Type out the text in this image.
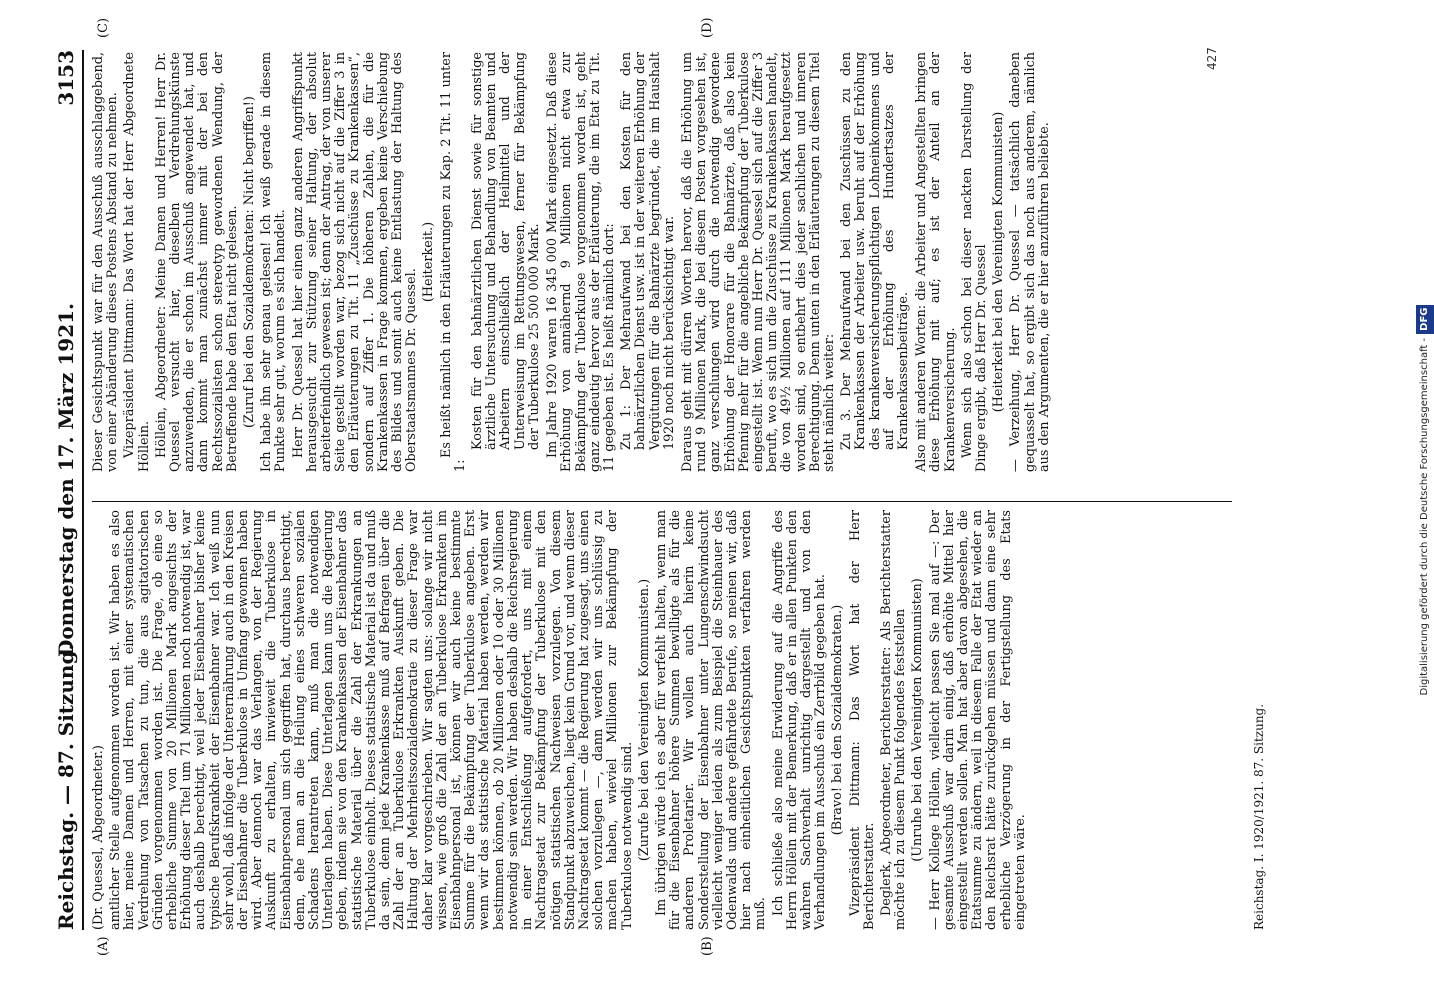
Reichstag. — 87. Sitzung.
Donnerstag den 17. März 1921.
3153
(A)	(B)
(C)	(D)

(Dr. Quessel, Abgeordneter.) amtlicher Stelle aufgenommen worden ist. Wir haben es also hier, meine Damen und Herren, mit einer systematischen Verdrehung von Tatsachen zu tun, die aus agitatorischen Gründen vorgenommen worden ist. Die Frage, ob eine so erhebliche Summe von 20 Millionen Mark angesichts der Erhöhung dieser Titel um 71 Millionen noch notwendig ist, war auch deshalb berechtigt, weil jeder Eisenbahner bisher keine typische Berufskrankheit der Eisenbahner war. Ich weiß nun sehr wohl, daß infolge der Unterernährung auch in den Kreisen der Eisenbahner die Tuberkulose in Umfang gewonnen haben wird. Aber dennoch war das Verlangen, von der Regierung Auskunft zu erhalten, inwieweit die Tuberkulose in Eisenbahnpersonal um sich gegriffen hat, durchaus berechtigt, denn, ehe man an die Heilung eines schweren sozialen Schadens herantreten kann, muß man die notwendigen Unterlagen haben. Diese Unterlagen kann uns die Regierung geben, indem sie von den Krankenkassen der Eisenbahner das statistische Material über die Zahl der Erkrankungen an Tuberkulose einholt. Dieses statistische Material ist da und muß da sein, denn jede Krankenkasse muß auf Befragen über die Zahl der an Tuberkulose Erkrankten Auskunft geben. Die Haltung der Mehrheitssozialdemokratie zu dieser Frage war daher klar vorgeschrieben. Wir sagten uns: solange wir nicht wissen, wie groß die Zahl der an Tuberkulose Erkrankten im Eisenbahnpersonal ist, können wir auch keine bestimmte Summe für die Bekämpfung der Tuberkulose angeben. Erst wenn wir das statistische Material haben werden, werden wir bestimmen können, ob 20 Millionen oder 10 oder 30 Millionen notwendig sein werden. Wir haben deshalb die Reichsregierung in einer Entschließung aufgefordert, uns mit einem Nachtragsetat zur Bekämpfung der Tuberkulose mit den nötigen statistischen Nachweisen vorzulegen. Von diesem Standpunkt abzuweichen, liegt kein Grund vor, und wenn dieser Nachtragsetat kommt — die Regierung hat zugesagt, uns einen solchen vorzulegen —, dann werden wir uns schlüssig zu machen haben, wieviel Millionen zur Bekämpfung der Tuberkulose notwendig sind. (Zurufe bei den Vereinigten Kommunisten.) Im übrigen würde ich es aber für verfehlt halten, wenn man für die Eisenbahner höhere Summen bewilligte als für die anderen Proletarier. Wir wollen auch hierin keine Sonderstellung der Eisenbahner unter Lungenschwindsucht vielleicht weniger leiden als zum Beispiel die Steinhauer des Odenwalds und andere gefährdete Berufe, so meinen wir, daß hier nach einheitlichen Gesichtspunkten verfahren werden muß. Ich schließe also meine Erwiderung auf die Angriffe des Herrn Höllein mit der Bemerkung, daß er in allen Punkten den wahren Sachverhalt unrichtig dargestellt und von den Verhandlungen im Ausschuß ein Zerrbild gegeben hat. (Bravo! bei den Sozialdemokraten.) Vizepräsident Dittmann: Das Wort hat der Herr Berichterstatter. Deglerk, Abgeordneter, Berichterstatter: Als Berichterstatter möchte ich zu diesem Punkt folgendes feststellen (Unruhe bei den Vereinigten Kommunisten) — Herr Kollege Höllein, vielleicht passen Sie mal auf —: Der gesamte Ausschuß war darin einig, daß erhöhte Mittel hier eingestellt werden sollen. Man hat aber davon abgesehen, die Etatsumme zu ändern, weil in diesem Falle der Etat wieder an den Reichsrat hätte zurückgehen müssen und dann eine sehr erhebliche Verzögerung in der Fertigstellung des Etats eingetreten wäre.

Dieser Gesichtspunkt war für den Ausschuß ausschlaggebend, von einer Abänderung dieses Postens Abstand zu nehmen. Vizepräsident Dittmann: Das Wort hat der Herr Abgeordnete Höllein. Höllein, Abgeordneter: Meine Damen und Herren! Herr Dr. Quessel versucht hier, dieselben Verdrehungskünste anzuwenden, die er schon im Ausschuß angewendet hat, und dann kommt man zunächst immer mit der bei den Rechtssozialisten schon stereotyp gewordenen Wendung, der Betreffende habe den Etat nicht gelesen. (Zuruf bei den Sozialdemokraten: Nicht begriffen!) Ich habe ihn sehr genau gelesen! Ich weiß gerade in diesem Punkte sehr gut, worum es sich handelt. Herr Dr. Quessel hat hier einen ganz anderen Angriffspunkt herausgesucht zur Stützung seiner Haltung, der absolut arbeiterfeindlich gewesen ist; denn der Antrag, der von unserer Seite gestellt worden war, bezog sich nicht auf die Ziffer 3 in den Erläuterungen zu Tit. 11 „Zuschüsse zu Krankenkassen“, sondern auf Ziffer 1. Die höheren Zahlen, die für die Krankenkassen in Frage kommen, ergeben keine Verschiebung des Bildes und somit auch keine Entlastung der Haltung des Oberstaatsmannes Dr. Quessel.

(Heiterkeit.) Es heißt nämlich in den Erläuterungen zu Kap. 2 Tit. 11 unter 1:

Kosten für den bahnärztlichen Dienst sowie für sonstige ärztliche Untersuchung und Behandlung von Beamten und Arbeitern einschließlich der Heilmittel und der Unterweisung im Rettungswesen, ferner für Bekämpfung der Tuberkulose 25 500 000 Mark. Im Jahre 1920 waren 16 345 000 Mark eingesetzt. Daß diese Erhöhung von annähernd 9 Millionen nicht etwa zur Bekämpfung der Tuberkulose vorgenommen worden ist, geht ganz eindeutig hervor aus der Erläuterung, die im Etat zu Tit. 11 gegeben ist. Es heißt nämlich dort: Zu 1: Der Mehraufwand bei den Kosten für den bahnärztlichen Dienst usw. ist in der weiteren Erhöhung der Vergütungen für die Bahnärzte begründet, die im Haushalt 1920 noch nicht berücksichtigt war. Daraus geht mit dürren Worten hervor, daß die Erhöhung um rund 9 Millionen Mark, die bei diesem Posten vorgesehen ist, ganz verschlungen wird durch die notwendig gewordene Erhöhung der Honorare für die Bahnärzte, daß also kein Pfennig mehr für die angebliche Bekämpfung der Tuberkulose eingestellt ist. Wenn nun Herr Dr. Quessel sich auf die Ziffer 3 beruft, wo es sich um die Zuschüsse zu Krankenkassen handelt, die von 49½ Millionen auf 111 Millionen Mark heraufgesetzt worden sind, so entbehrt dies jeder sachlichen und inneren Berechtigung. Denn unten in den Erläuterungen zu diesem Titel steht nämlich weiter: Zu 3. Der Mehraufwand bei den Zuschüssen zu den Krankenkassen der Arbeiter usw. beruht auf der Erhöhung des krankenversicherungspflichtigen Lohneinkommens und auf der Erhöhung des Hundertsatzes der Krankenkassenbeiträge. Also mit anderen Worten: die Arbeiter und Angestellten bringen diese Erhöhung mit auf; es ist der Anteil an der Krankenversicherung. Wenn sich also schon bei dieser nackten Darstellung der Dinge ergibt, daß Herr Dr. Quessel (Heiterkeit bei den Vereinigten Kommunisten) — Verzeihung, Herr Dr. Quessel — tatsächlich daneben gequasselt hat, so ergibt sich das noch aus anderem, nämlich aus den Argumenten, die er hier anzuführen beliebte.

427
Reichstag. I. 1920/1921. 87. Sitzung.
Digitalisierung gefördert durch die Deutsche Forschungsgemeinschaft -DFG
